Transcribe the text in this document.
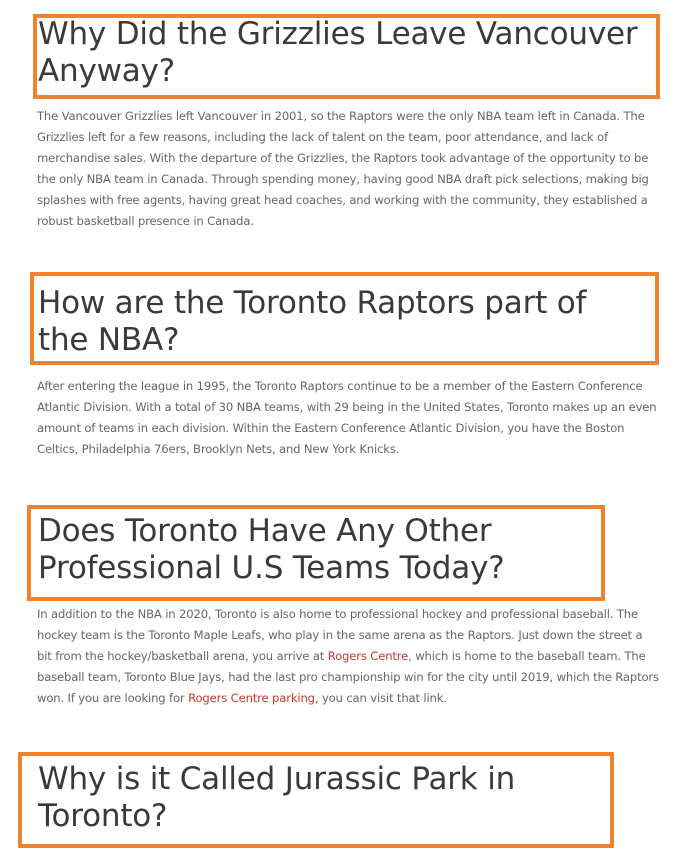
Why Did the Grizzlies Leave Vancouver Anyway?

The Vancouver Grizzlies left Vancouver in 2001, so the Raptors were the only NBA team left in Canada. The Grizzlies left for a few reasons, including the lack of talent on the team, poor attendance, and lack of merchandise sales. With the departure of the Grizzlies, the Raptors took advantage of the opportunity to be the only NBA team in Canada. Through spending money, having good NBA draft pick selections, making big splashes with free agents, having great head coaches, and working with the community, they established a robust basketball presence in Canada.

How are the Toronto Raptors part of the NBA?

After entering the league in 1995, the Toronto Raptors continue to be a member of the Eastern Conference Atlantic Division. With a total of 30 NBA teams, with 29 being in the United States, Toronto makes up an even amount of teams in each division. Within the Eastern Conference Atlantic Division, you have the Boston Celtics, Philadelphia 76ers, Brooklyn Nets, and New York Knicks.

Does Toronto Have Any Other Professional U.S Teams Today?

In addition to the NBA in 2020, Toronto is also home to professional hockey and professional baseball. The hockey team is the Toronto Maple Leafs, who play in the same arena as the Raptors. Just down the street a bit from the hockey/basketball arena, you arrive at Rogers Centre, which is home to the baseball team. The baseball team, Toronto Blue Jays, had the last pro championship win for the city until 2019, which the Raptors won. If you are looking for Rogers Centre parking, you can visit that link.

Why is it Called Jurassic Park in Toronto?
